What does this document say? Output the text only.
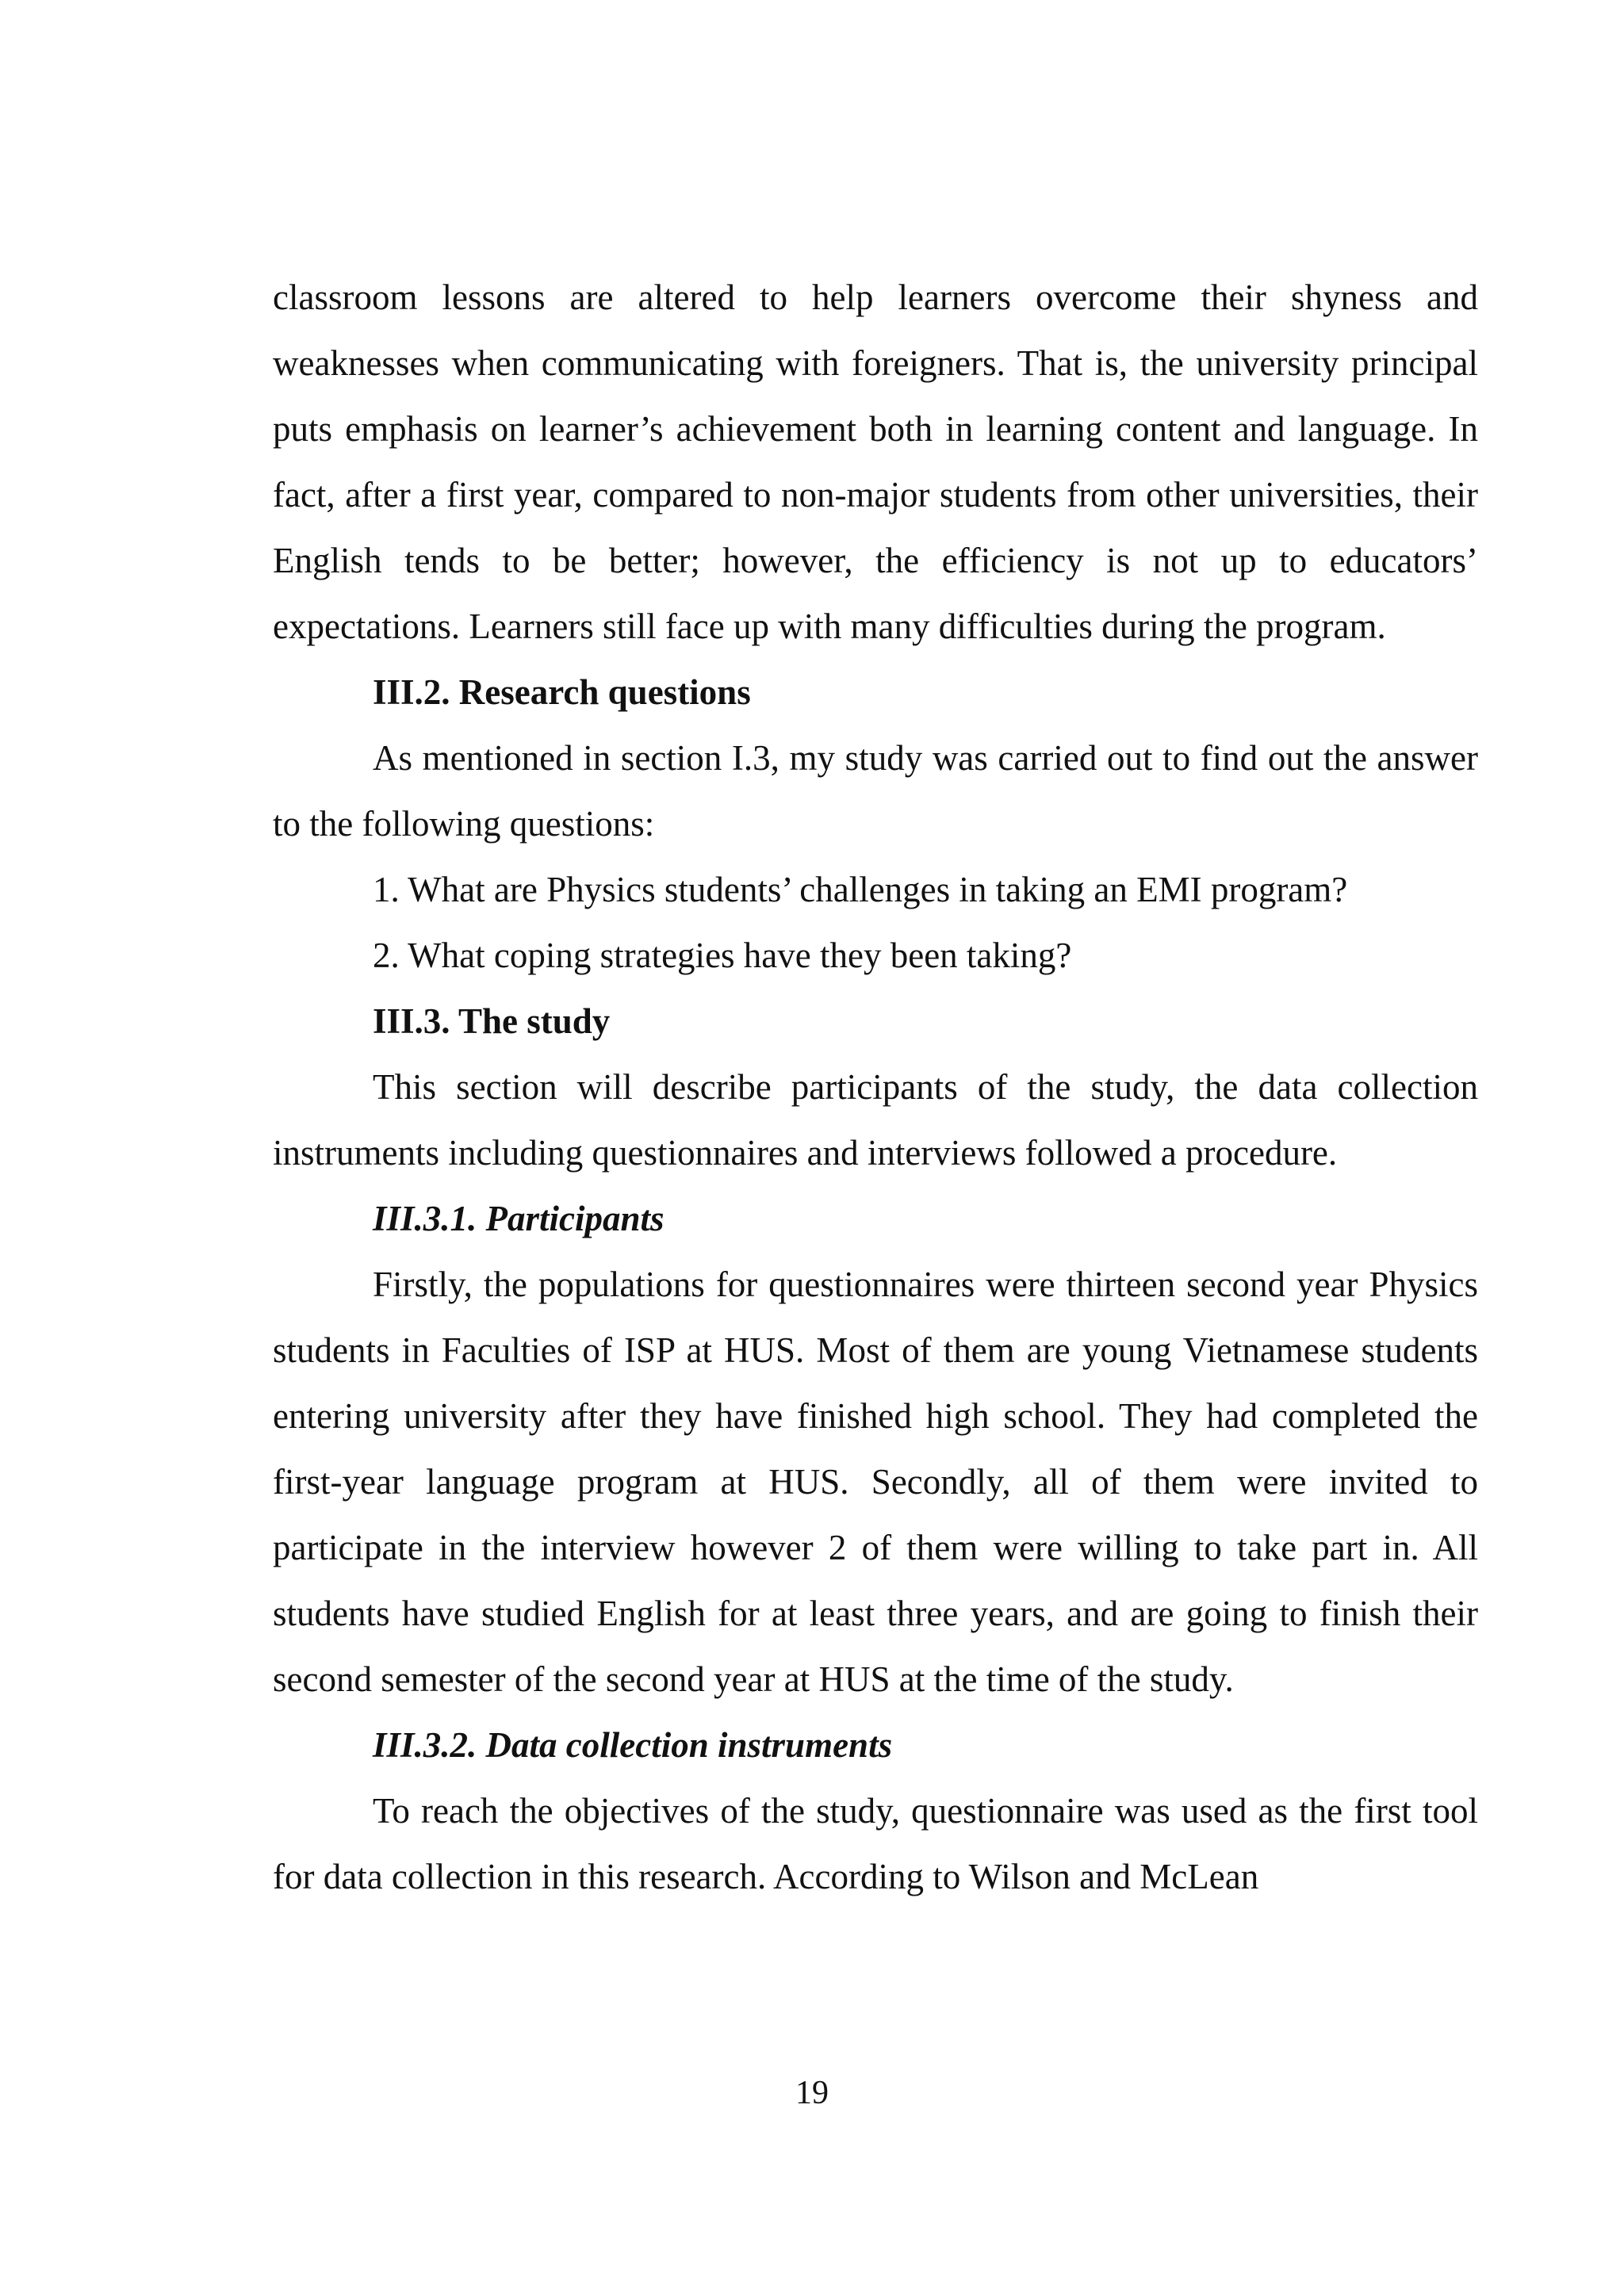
classroom lessons are altered to help learners overcome their shyness and weaknesses when communicating with foreigners. That is, the university principal puts emphasis on learner’s achievement both in learning content and language. In fact, after a first year, compared to non-major students from other universities, their English tends to be better; however, the efficiency is not up to educators’ expectations. Learners still face up with many difficulties during the program.

III.2. Research questions

As mentioned in section I.3, my study was carried out to find out the answer to the following questions:

1. What are Physics students’ challenges in taking an EMI program?

2. What coping strategies have they been taking?

III.3. The study

This section will describe participants of the study, the data collection instruments including questionnaires and interviews followed a procedure.

III.3.1. Participants

Firstly, the populations for questionnaires were thirteen second year Physics students in Faculties of ISP at HUS. Most of them are young Vietnamese students entering university after they have finished high school. They had completed the first-year language program at HUS. Secondly, all of them were invited to participate in the interview however 2 of them were willing to take part in. All students have studied English for at least three years, and are going to finish their second semester of the second year at HUS at the time of the study.

III.3.2. Data collection instruments

To reach the objectives of the study, questionnaire was used as the first tool for data collection in this research. According to Wilson and McLean

19
